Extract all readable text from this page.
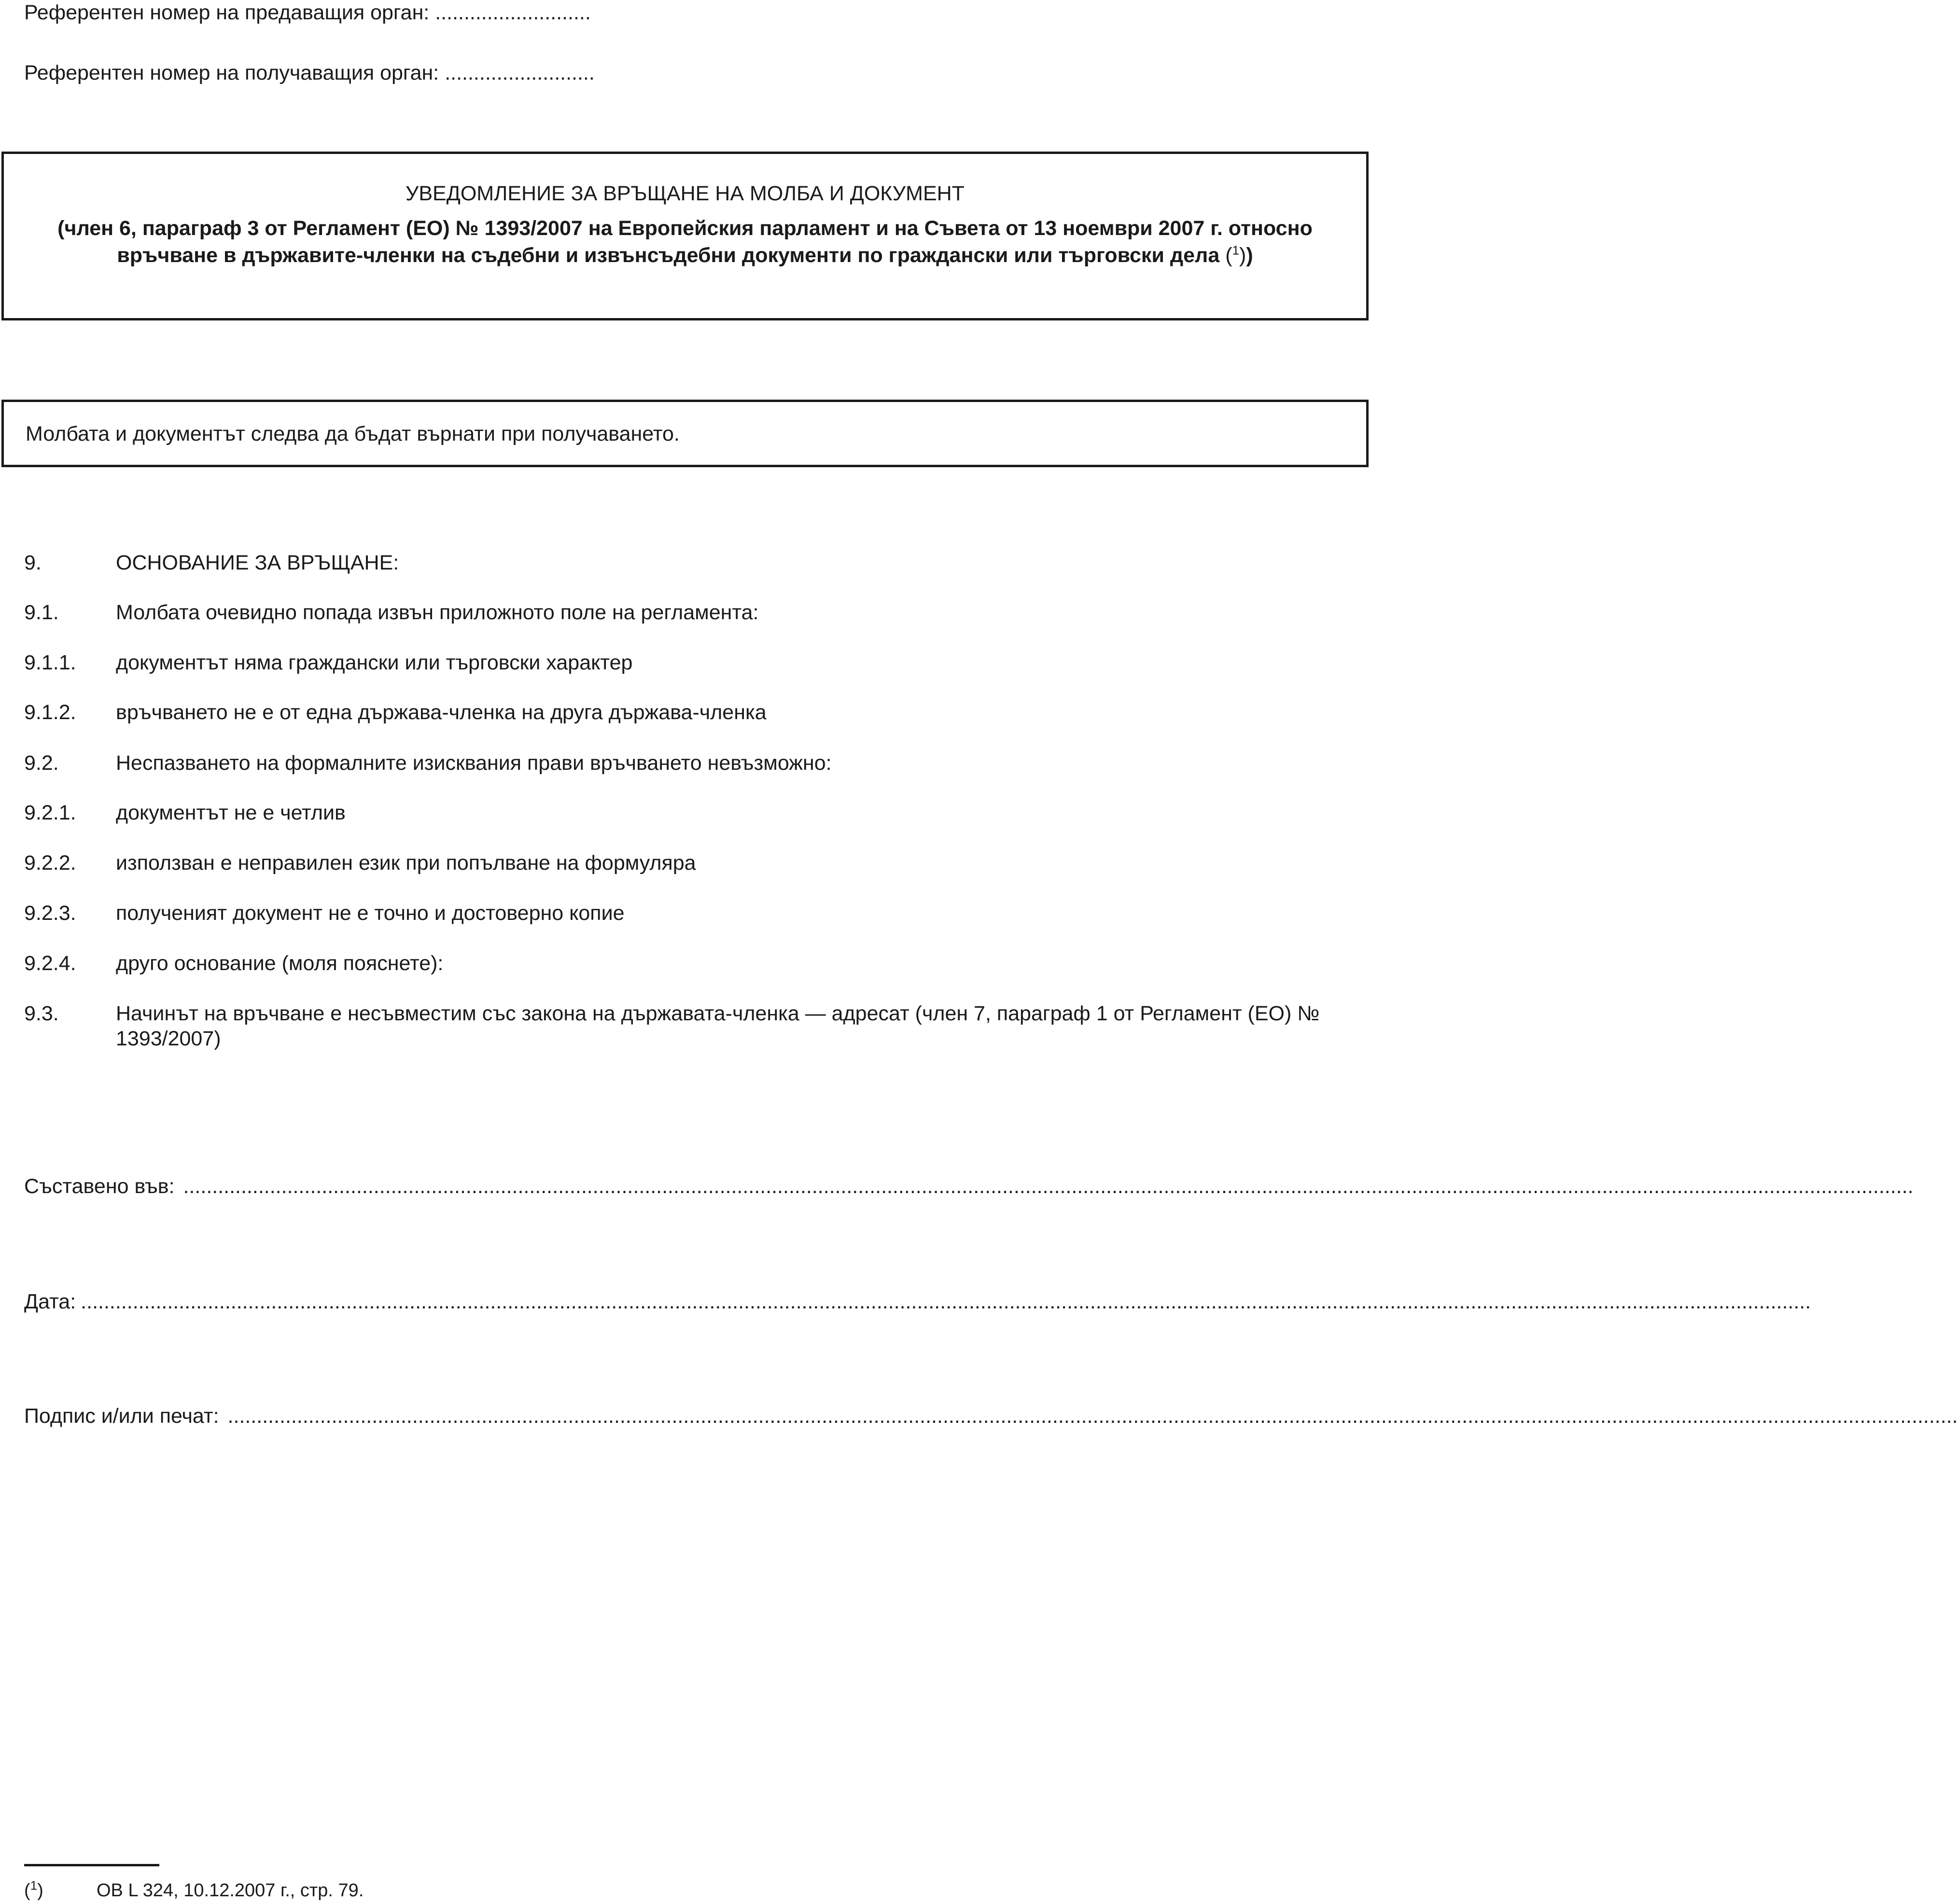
Референтен номер на предаващия орган: ...........................
Референтен номер на получаващия орган: ..........................
УВЕДОМЛЕНИЕ ЗА ВРЪЩАНЕ НА МОЛБА И ДОКУМЕНТ
(член 6, параграф 3 от Регламент (ЕО) № 1393/2007 на Европейския парламент и на Съвета от 13 ноември 2007 г. относно връчване в държавите-членки на съдебни и извънсъдебни документи по граждански или търговски дела ($^1$))
Молбата и документът следва да бъдат върнати при получаването.
9.	ОСНОВАНИЕ ЗА ВРЪЩАНЕ:
9.1.	Молбата очевидно попада извън приложното поле на регламента:
9.1.1. документът няма граждански или търговски характер
9.1.2. връчването не е от една държава-членка на друга държава-членка
9.2.	Неспазването на формалните изисквания прави връчването невъзможно:
9.2.1. документът не е четлив
9.2.2. използван е неправилен език при попълване на формуляра
9.2.3. полученият документ не е точно и достоверно копие
9.2.4. друго основание (моля пояснете):
9.3.	Начинът на връчване е несъвместим със закона на държавата-членка — адресат (член 7, параграф 1 от Регламент (ЕО) № 1393/2007)
Съставено във: ............................................................................................................................................................................................................................................................................................................
Дата: ............................................................................................................................................................................................................................................................................................................
Подпис и/или печат: ............................................................................................................................................................................................................................................................................................................
($^1$)	ОВ L 324, 10.12.2007 г., стр. 79.
